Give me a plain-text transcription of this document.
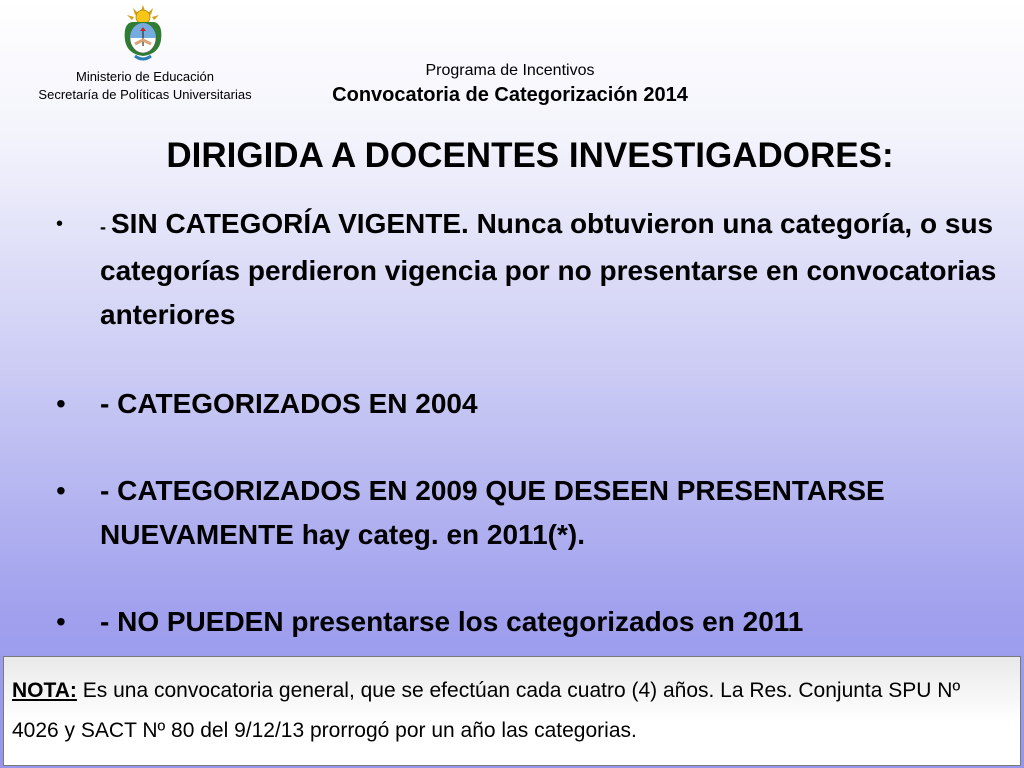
Ministerio de Educación
Secretaría de Políticas Universitarias
Programa de Incentivos
Convocatoria de Categorización 2014
DIRIGIDA A DOCENTES INVESTIGADORES:
• - SIN CATEGORÍA VIGENTE. Nunca obtuvieron una categoría, o sus categorías perdieron vigencia por no presentarse en convocatorias anteriores
• - CATEGORIZADOS EN 2004
• - CATEGORIZADOS EN 2009 QUE DESEEN PRESENTARSE NUEVAMENTE hay categ. en 2011(*).
• - NO PUEDEN presentarse los categorizados en 2011
NOTA: Es una convocatoria general, que se efectúan cada cuatro (4) años. La Res. Conjunta SPU Nº 4026 y SACT Nº 80 del 9/12/13 prorrogó por un año las categorias.
